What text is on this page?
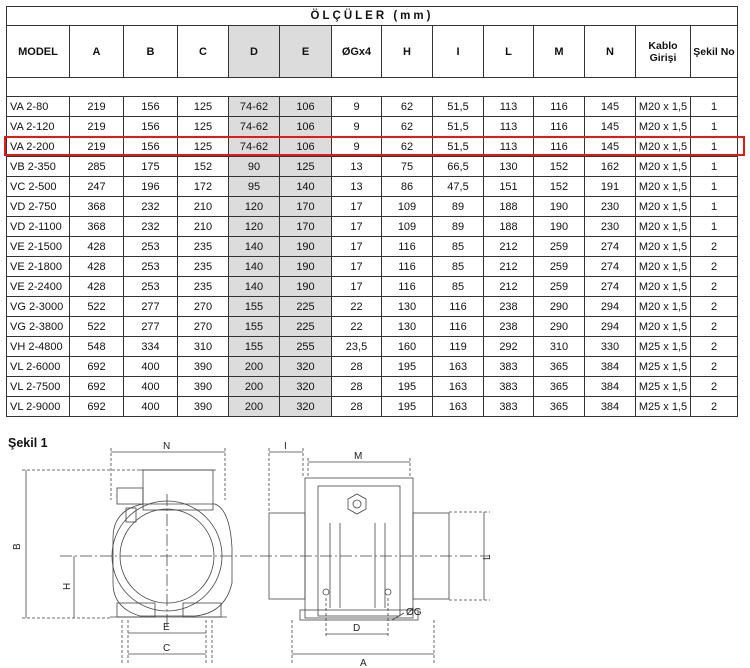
ÖLÇÜLER (mm)													
MODEL	A	B	C	D	E	ØGx4	H	I	L	M	N	Kablo Girişi	Şekil No

VA 2-80	219	156	125	74-62	106	9	62	51,5	113	116	145	M20 x 1,5	1
VA 2-120	219	156	125	74-62	106	9	62	51,5	113	116	145	M20 x 1,5	1
VA 2-200	219	156	125	74-62	106	9	62	51,5	113	116	145	M20 x 1,5	1
VB 2-350	285	175	152	90	125	13	75	66,5	130	152	162	M20 x 1,5	1
VC 2-500	247	196	172	95	140	13	86	47,5	151	152	191	M20 x 1,5	1
VD 2-750	368	232	210	120	170	17	109	89	188	190	230	M20 x 1,5	1
VD 2-1100	368	232	210	120	170	17	109	89	188	190	230	M20 x 1,5	1
VE 2-1500	428	253	235	140	190	17	116	85	212	259	274	M20 x 1,5	2
VE 2-1800	428	253	235	140	190	17	116	85	212	259	274	M20 x 1,5	2
VE 2-2400	428	253	235	140	190	17	116	85	212	259	274	M20 x 1,5	2
VG 2-3000	522	277	270	155	225	22	130	116	238	290	294	M20 x 1,5	2
VG 2-3800	522	277	270	155	225	22	130	116	238	290	294	M20 x 1,5	2
VH 2-4800	548	334	310	155	255	23,5	160	119	292	310	330	M25 x 1,5	2
VL 2-6000	692	400	390	200	320	28	195	163	383	365	384	M25 x 1,5	2
VL 2-7500	692	400	390	200	320	28	195	163	383	365	384	M25 x 1,5	2
VL 2-9000	692	400	390	200	320	28	195	163	383	365	384	M25 x 1,5	2
Şekil 1	N
B
H
E
C
I
M
L
ØG
D
A
